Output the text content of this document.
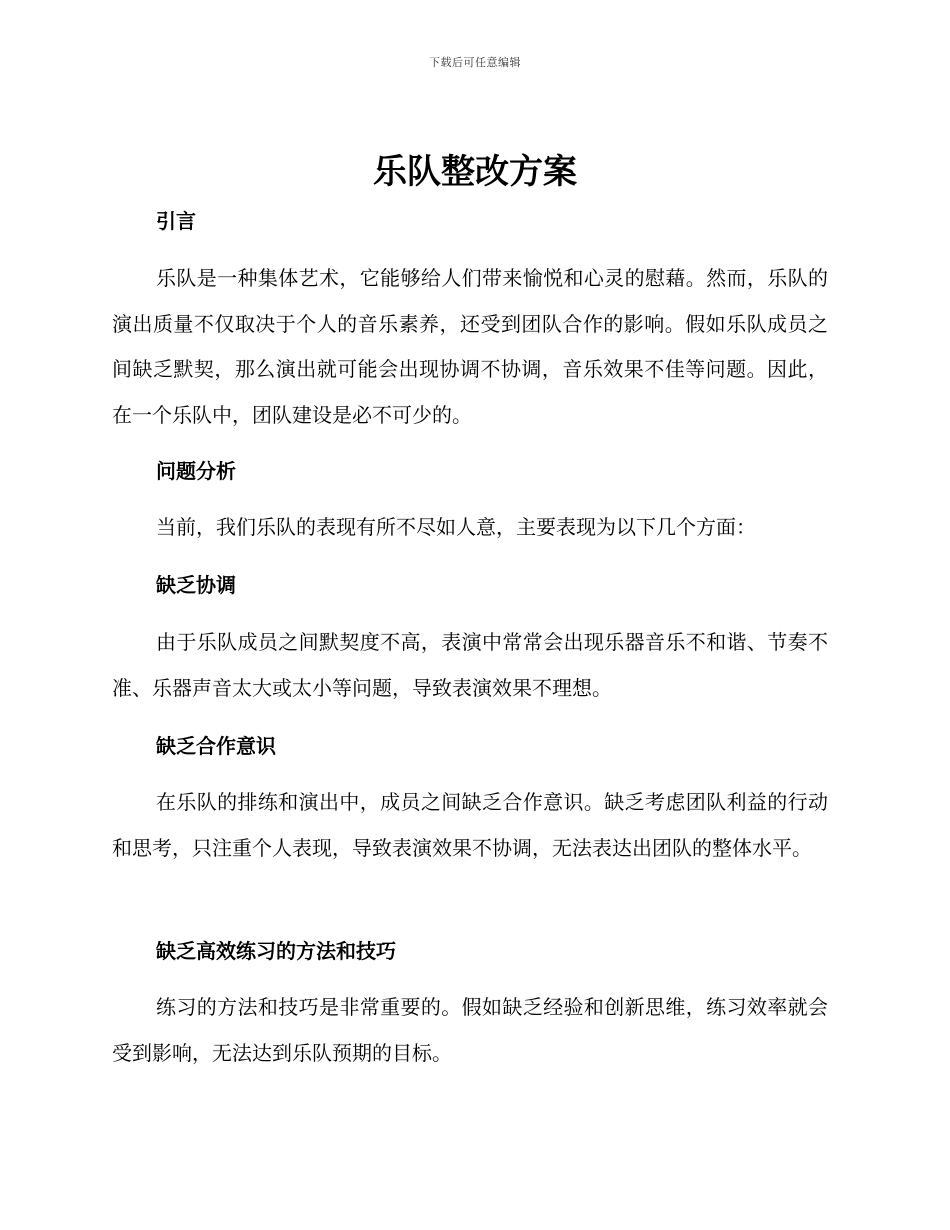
下载后可任意编辑
乐队整改方案
引言

乐队是一种集体艺术，它能够给人们带来愉悦和心灵的慰藉。然而，乐队的演出质量不仅取决于个人的音乐素养，还受到团队合作的影响。假如乐队成员之间缺乏默契，那么演出就可能会出现协调不协调，音乐效果不佳等问题。因此，在一个乐队中，团队建设是必不可少的。

问题分析

当前，我们乐队的表现有所不尽如人意，主要表现为以下几个方面：

缺乏协调

由于乐队成员之间默契度不高，表演中常常会出现乐器音乐不和谐、节奏不准、乐器声音太大或太小等问题，导致表演效果不理想。

缺乏合作意识

在乐队的排练和演出中，成员之间缺乏合作意识。缺乏考虑团队利益的行动和思考，只注重个人表现，导致表演效果不协调，无法表达出团队的整体水平。

缺乏高效练习的方法和技巧

练习的方法和技巧是非常重要的。假如缺乏经验和创新思维，练习效率就会受到影响，无法达到乐队预期的目标。
